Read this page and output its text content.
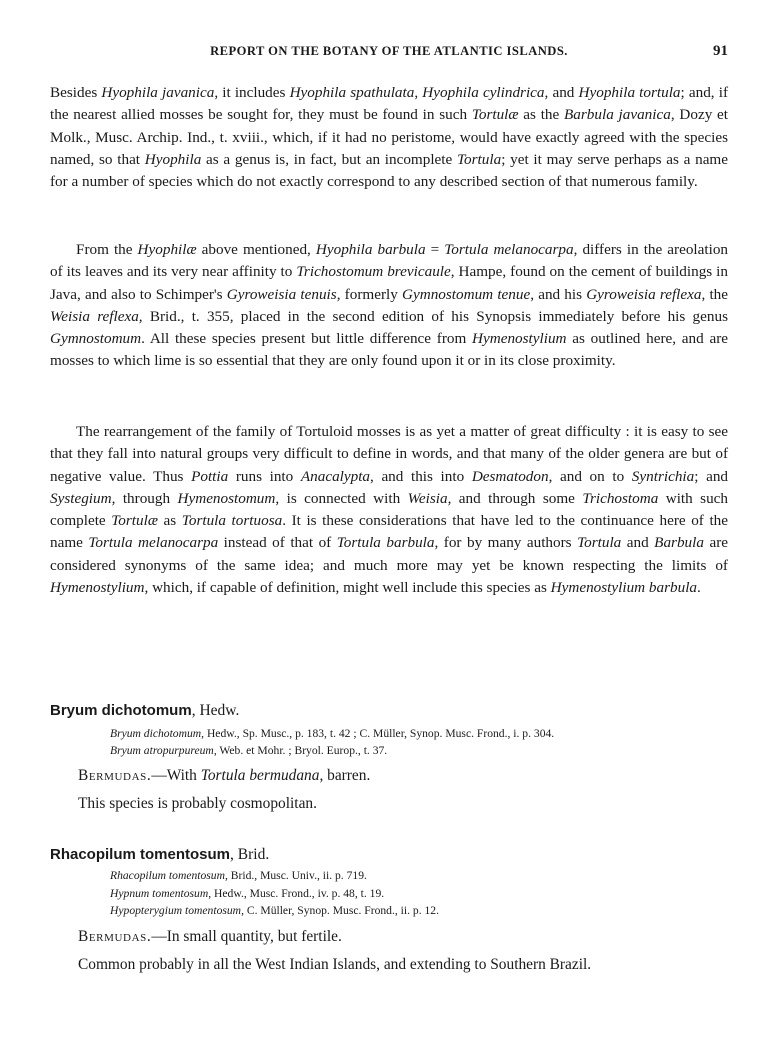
REPORT ON THE BOTANY OF THE ATLANTIC ISLANDS.	91

Besides Hyophila javanica, it includes Hyophila spathulata, Hyophila cylindrica, and Hyophila tortula; and, if the nearest allied mosses be sought for, they must be found in such Tortulæ as the Barbula javanica, Dozy et Molk., Musc. Archip. Ind., t. xviii., which, if it had no peristome, would have exactly agreed with the species named, so that Hyophila as a genus is, in fact, but an incomplete Tortula; yet it may serve perhaps as a name for a number of species which do not exactly correspond to any described section of that numerous family.

From the Hyophilæ above mentioned, Hyophila barbula = Tortula melanocarpa, differs in the areolation of its leaves and its very near affinity to Trichostomum brevicaule, Hampe, found on the cement of buildings in Java, and also to Schimper's Gyroweisia tenuis, formerly Gymnostomum tenue, and his Gyroweisia reflexa, the Weisia reflexa, Brid., t. 355, placed in the second edition of his Synopsis immediately before his genus Gymnostomum. All these species present but little difference from Hymenostylium as outlined here, and are mosses to which lime is so essential that they are only found upon it or in its close proximity.

The rearrangement of the family of Tortuloid mosses is as yet a matter of great difficulty : it is easy to see that they fall into natural groups very difficult to define in words, and that many of the older genera are but of negative value. Thus Pottia runs into Anacalypta, and this into Desmatodon, and on to Syntrichia; and Systegium, through Hymenostomum, is connected with Weisia, and through some Trichostoma with such complete Tortulæ as Tortula tortuosa. It is these considerations that have led to the continuance here of the name Tortula melanocarpa instead of that of Tortula barbula, for by many authors Tortula and Barbula are considered synonyms of the same idea; and much more may yet be known respecting the limits of Hymenostylium, which, if capable of definition, might well include this species as Hymenostylium barbula.

Bryum dichotomum, Hedw.
Bryum dichotomum, Hedw., Sp. Musc., p. 183, t. 42 ; C. Müller, Synop. Musc. Frond., i. p. 304.
Bryum atropurpureum, Web. et Mohr. ; Bryol. Europ., t. 37.
Bermudas.—With Tortula bermudana, barren.
This species is probably cosmopolitan.
Rhacopilum tomentosum, Brid.
Rhacopilum tomentosum, Brid., Musc. Univ., ii. p. 719.
Hypnum tomentosum, Hedw., Musc. Frond., iv. p. 48, t. 19.
Hypopterygium tomentosum, C. Müller, Synop. Musc. Frond., ii. p. 12.
Bermudas.—In small quantity, but fertile.
Common probably in all the West Indian Islands, and extending to Southern Brazil.
